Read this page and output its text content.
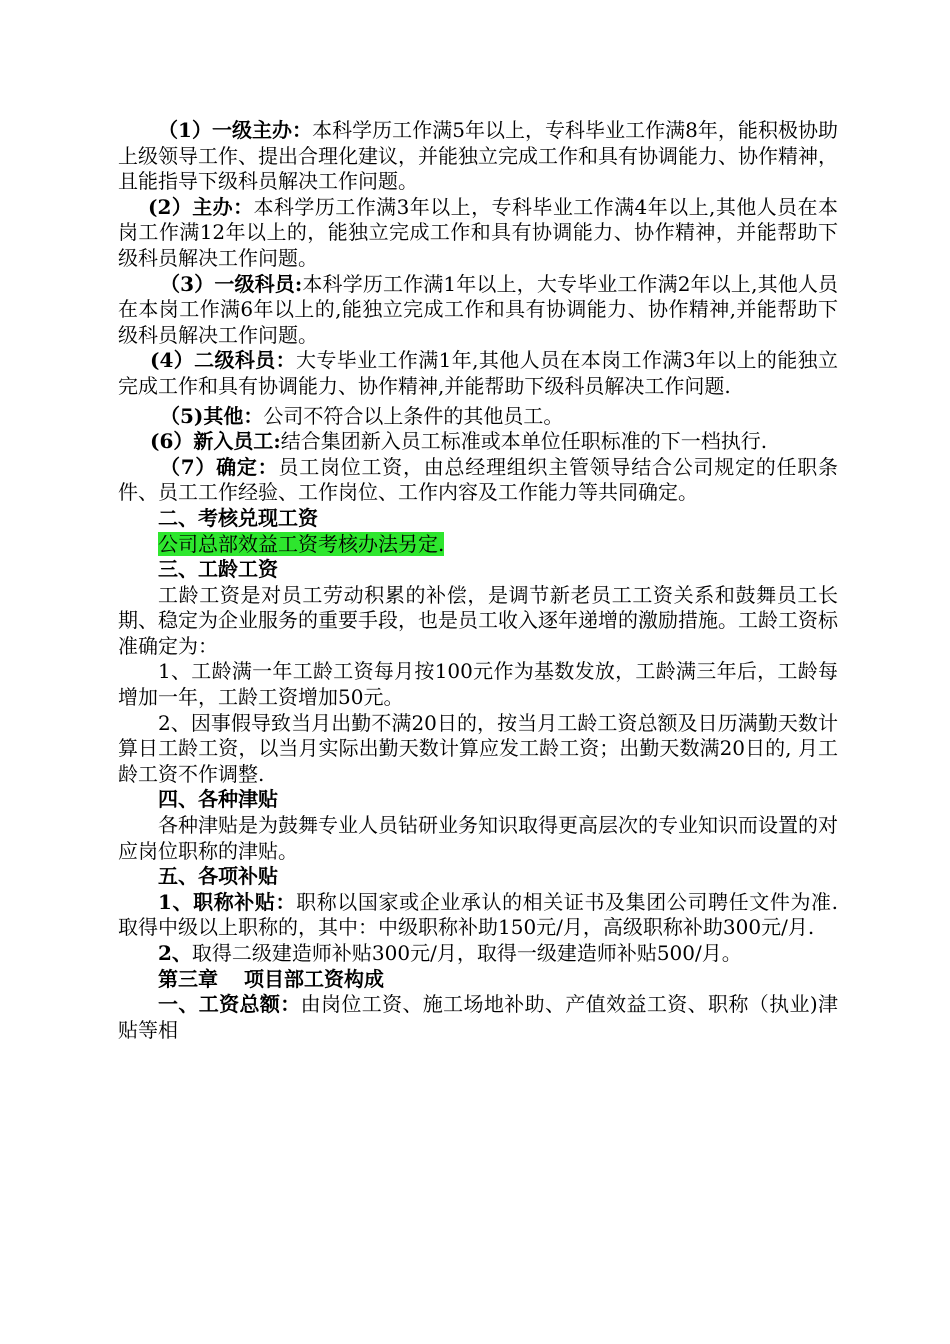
（1）一级主办：本科学历工作满5年以上，专科毕业工作满8年，能积极协助上级领导工作、提出合理化建议，并能独立完成工作和具有协调能力、协作精神，且能指导下级科员解决工作问题。

(2）主办：本科学历工作满3年以上，专科毕业工作满4年以上,其他人员在本岗工作满12年以上的，能独立完成工作和具有协调能力、协作精神，并能帮助下级科员解决工作问题。

（3）一级科员:本科学历工作满1年以上，大专毕业工作满2年以上,其他人员在本岗工作满6年以上的,能独立完成工作和具有协调能力、协作精神,并能帮助下级科员解决工作问题。

(4）二级科员：大专毕业工作满1年,其他人员在本岗工作满3年以上的能独立完成工作和具有协调能力、协作精神,并能帮助下级科员解决工作问题.

（5)其他：公司不符合以上条件的其他员工。

(6）新入员工:结合集团新入员工标准或本单位任职标准的下一档执行.

（7）确定：员工岗位工资，由总经理组织主管领导结合公司规定的任职条件、员工工作经验、工作岗位、工作内容及工作能力等共同确定。

二、考核兑现工资

公司总部效益工资考核办法另定.

三、工龄工资

工龄工资是对员工劳动积累的补偿，是调节新老员工工资关系和鼓舞员工长期、稳定为企业服务的重要手段，也是员工收入逐年递增的激励措施。工龄工资标准确定为：

1、工龄满一年工龄工资每月按100元作为基数发放，工龄满三年后，工龄每增加一年，工龄工资增加50元。

2、因事假导致当月出勤不满20日的，按当月工龄工资总额及日历满勤天数计算日工龄工资，以当月实际出勤天数计算应发工龄工资；出勤天数满20日的, 月工龄工资不作调整.

四、各种津贴

各种津贴是为鼓舞专业人员钻研业务知识取得更高层次的专业知识而设置的对应岗位职称的津贴。

五、各项补贴

1、职称补贴：职称以国家或企业承认的相关证书及集团公司聘任文件为准. 取得中级以上职称的，其中：中级职称补助150元/月，高级职称补助300元/月.

2、取得二级建造师补贴300元/月，取得一级建造师补贴500/月。

第三章 项目部工资构成

一、工资总额：由岗位工资、施工场地补助、产值效益工资、职称（执业)津贴等相
